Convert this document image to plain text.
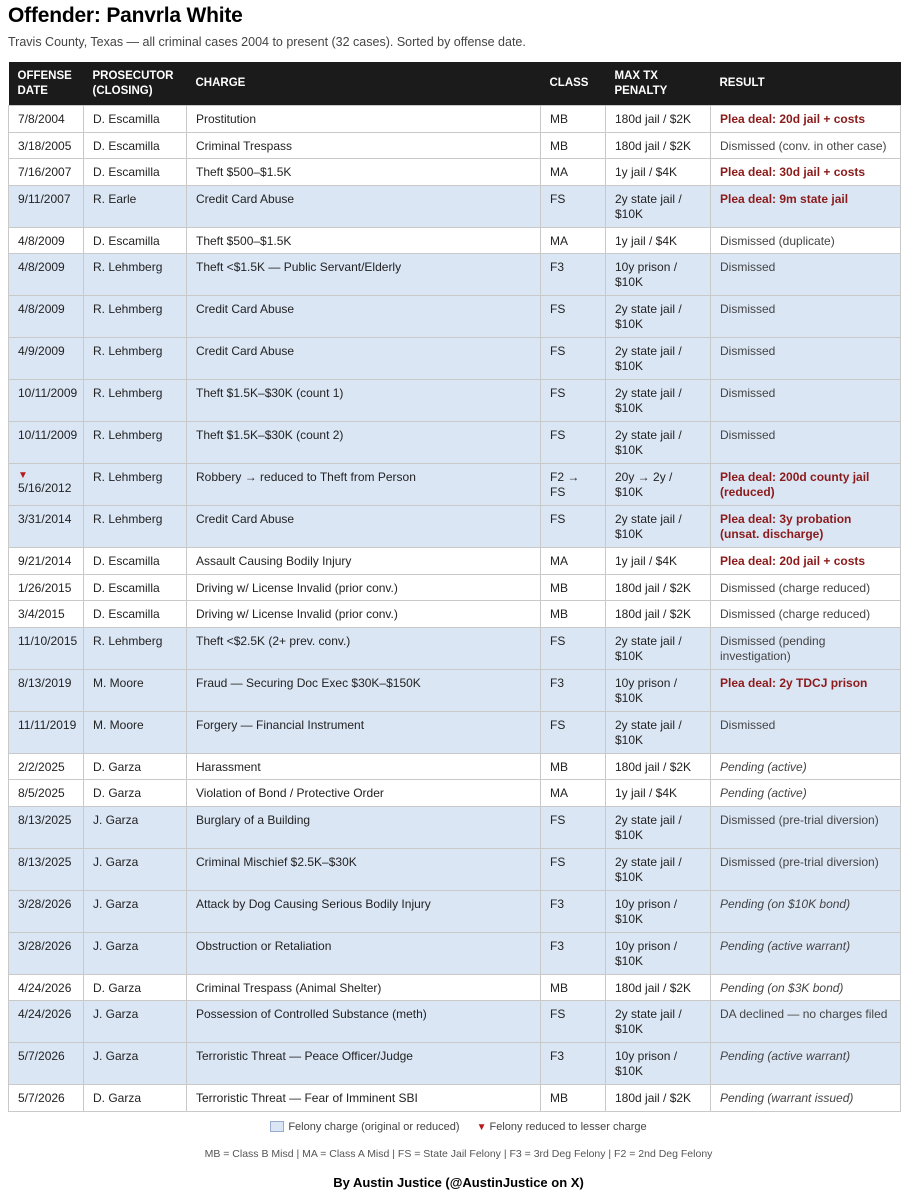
Offender: Panvrla White
Travis County, Texas — all criminal cases 2004 to present (32 cases). Sorted by offense date.
OFFENSE DATE	PROSECUTOR (CLOSING)	CHARGE	CLASS	MAX TX PENALTY	RESULT
7/8/2004	D. Escamilla	Prostitution	MB	180d jail / $2K	Plea deal: 20d jail + costs
3/18/2005	D. Escamilla	Criminal Trespass	MB	180d jail / $2K	Dismissed (conv. in other case)
7/16/2007	D. Escamilla	Theft $500–$1.5K	MA	1y jail / $4K	Plea deal: 30d jail + costs
9/11/2007	R. Earle	Credit Card Abuse	FS	2y state jail / $10K	Plea deal: 9m state jail
4/8/2009	D. Escamilla	Theft $500–$1.5K	MA	1y jail / $4K	Dismissed (duplicate)
4/8/2009	R. Lehmberg	Theft <$1.5K — Public Servant/Elderly	F3	10y prison / $10K	Dismissed
4/8/2009	R. Lehmberg	Credit Card Abuse	FS	2y state jail / $10K	Dismissed
4/9/2009	R. Lehmberg	Credit Card Abuse	FS	2y state jail / $10K	Dismissed
10/11/2009	R. Lehmberg	Theft $1.5K–$30K (count 1)	FS	2y state jail / $10K	Dismissed
10/11/2009	R. Lehmberg	Theft $1.5K–$30K (count 2)	FS	2y state jail / $10K	Dismissed

▼
5/16/2012	R. Lehmberg	Robbery → reduced to Theft from Person	F2 → FS	20y → 2y / $10K	Plea deal: 200d county jail (reduced)
3/31/2014	R. Lehmberg	Credit Card Abuse	FS	2y state jail / $10K	Plea deal: 3y probation (unsat. discharge)
9/21/2014	D. Escamilla	Assault Causing Bodily Injury	MA	1y jail / $4K	Plea deal: 20d jail + costs
1/26/2015	D. Escamilla	Driving w/ License Invalid (prior conv.)	MB	180d jail / $2K	Dismissed (charge reduced)
3/4/2015	D. Escamilla	Driving w/ License Invalid (prior conv.)	MB	180d jail / $2K	Dismissed (charge reduced)
11/10/2015	R. Lehmberg	Theft <$2.5K (2+ prev. conv.)	FS	2y state jail / $10K	Dismissed (pending investigation)
8/13/2019	M. Moore	Fraud — Securing Doc Exec $30K–$150K	F3	10y prison / $10K	Plea deal: 2y TDCJ prison
11/11/2019	M. Moore	Forgery — Financial Instrument	FS	2y state jail / $10K	Dismissed
2/2/2025	D. Garza	Harassment	MB	180d jail / $2K	Pending (active)
8/5/2025	D. Garza	Violation of Bond / Protective Order	MA	1y jail / $4K	Pending (active)
8/13/2025	J. Garza	Burglary of a Building	FS	2y state jail / $10K	Dismissed (pre-trial diversion)
8/13/2025	J. Garza	Criminal Mischief $2.5K–$30K	FS	2y state jail / $10K	Dismissed (pre-trial diversion)
3/28/2026	J. Garza	Attack by Dog Causing Serious Bodily Injury	F3	10y prison / $10K	Pending (on $10K bond)
3/28/2026	J. Garza	Obstruction or Retaliation	F3	10y prison / $10K	Pending (active warrant)
4/24/2026	D. Garza	Criminal Trespass (Animal Shelter)	MB	180d jail / $2K	Pending (on $3K bond)
4/24/2026	J. Garza	Possession of Controlled Substance (meth)	FS	2y state jail / $10K	DA declined — no charges filed
5/7/2026	J. Garza	Terroristic Threat — Peace Officer/Judge	F3	10y prison / $10K	Pending (active warrant)
5/7/2026	D. Garza	Terroristic Threat — Fear of Imminent SBI	MB	180d jail / $2K	Pending (warrant issued)
Felony charge (original or reduced) ▼ Felony reduced to lesser charge
MB = Class B Misd | MA = Class A Misd | FS = State Jail Felony | F3 = 3rd Deg Felony | F2 = 2nd Deg Felony
By Austin Justice (@AustinJustice on X)
